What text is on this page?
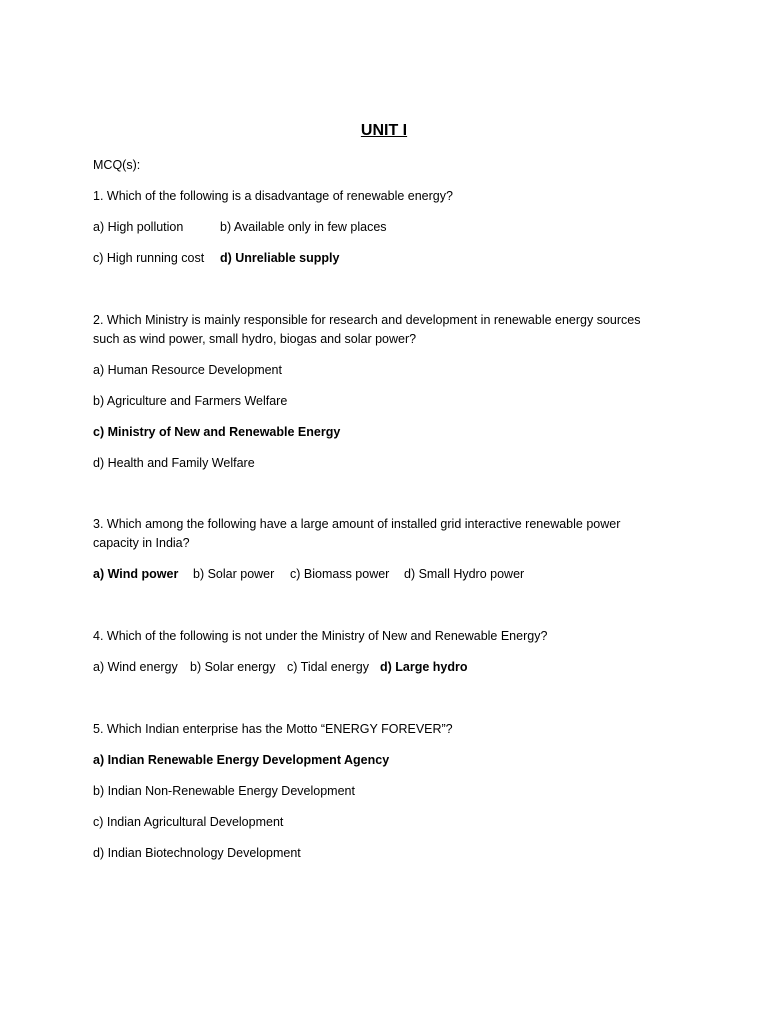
UNIT I
MCQ(s):
1. Which of the following is a disadvantage of renewable energy?
a) High pollution	b) Available only in few places
c) High running cost d) Unreliable supply
2. Which Ministry is mainly responsible for research and development in renewable energy sources
such as wind power, small hydro, biogas and solar power?
a) Human Resource Development
b) Agriculture and Farmers Welfare
c) Ministry of New and Renewable Energy
d) Health and Family Welfare
3. Which among the following have a large amount of installed grid interactive renewable power
capacity in India?
a) Wind power b) Solar power c) Biomass power d) Small Hydro power
4. Which of the following is not under the Ministry of New and Renewable Energy?
a) Wind energy b) Solar energy c) Tidal energy d) Large hydro
5. Which Indian enterprise has the Motto “ENERGY FOREVER”?
a) Indian Renewable Energy Development Agency
b) Indian Non-Renewable Energy Development
c) Indian Agricultural Development
d) Indian Biotechnology Development
